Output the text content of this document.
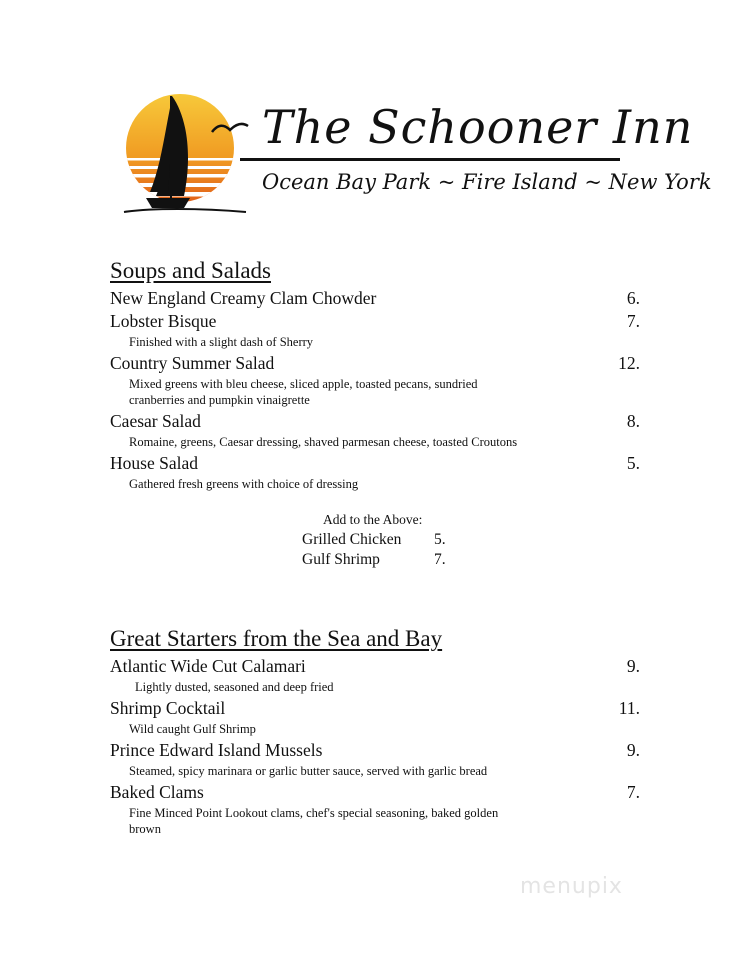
The Schooner Inn
Ocean Bay Park ~ Fire Island ~ New York
Soups and Salads
New England Creamy Clam Chowder	6.
Lobster Bisque	7.
Finished with a slight dash of Sherry
Country Summer Salad	12.
Mixed greens with bleu cheese, sliced apple, toasted pecans, sundried cranberries and pumpkin vinaigrette
Caesar Salad	8.
Romaine, greens, Caesar dressing, shaved parmesan cheese, toasted Croutons
House Salad	5.
Gathered fresh greens with choice of dressing
Add to the Above:
Grilled Chicken	5.
Gulf Shrimp	7.
Great Starters from the Sea and Bay
Atlantic Wide Cut Calamari	9.
Lightly dusted, seasoned and deep fried
Shrimp Cocktail	11.
Wild caught Gulf Shrimp
Prince Edward Island Mussels	9.
Steamed, spicy marinara or garlic butter sauce, served with garlic bread
Baked Clams	7.
Fine Minced Point Lookout clams, chef's special seasoning, baked golden brown
menupix
